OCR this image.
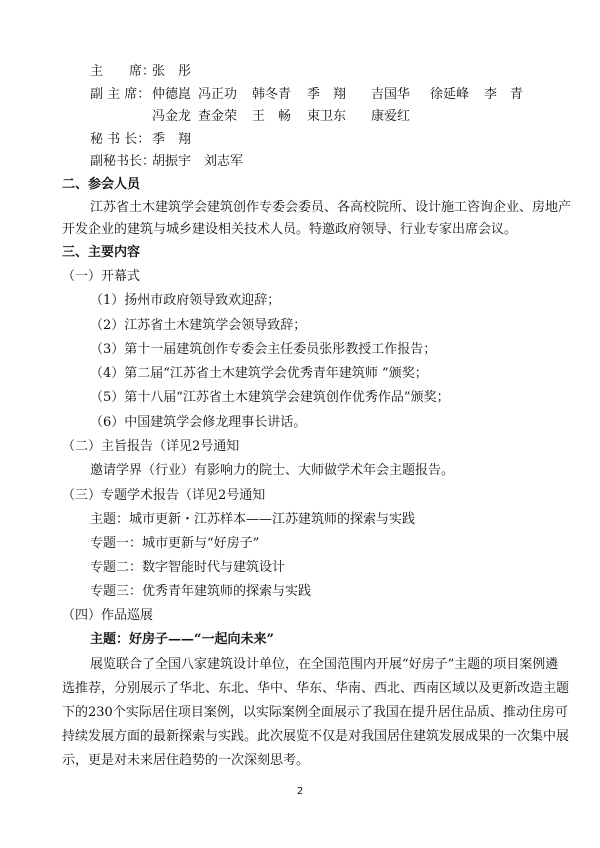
主　　席：
张　彤
副 主 席： 仲德崑 冯正功 韩冬青 季　翔 吉国华 徐延峰 李　青
冯金龙 查金荣 王　畅 束卫东 康爱红
秘 书 长： 季　翔
副秘书长：
胡振宇 刘志军
二、参会人员
江苏省土木建筑学会建筑创作专委会委员、各高校院所、设计施工咨询企业、房地产
开发企业的建筑与城乡建设相关技术人员。特邀政府领导、行业专家出席会议。
三、主要内容
（一）开幕式
（1）扬州市政府领导致欢迎辞；
（2）江苏省土木建筑学会领导致辞；
（3）第十一届建筑创作专委会主任委员张彤教授工作报告；
（4）第二届“江苏省土木建筑学会优秀青年建筑师 ”颁奖；
（5）第十八届“江苏省土木建筑学会建筑创作优秀作品”颁奖；
（6）中国建筑学会修龙理事长讲话。
（二）主旨报告（详见2号通知
邀请学界（行业）有影响力的院士、大师做学术年会主题报告。
（三）专题学术报告（详见2号通知
主题：城市更新・江苏样本——江苏建筑师的探索与实践
专题一：城市更新与“好房子”
专题二：数字智能时代与建筑设计
专题三：优秀青年建筑师的探索与实践
（四）作品巡展
主题：好房子——“一起向未来”
展览联合了全国八家建筑设计单位，在全国范围内开展“好房子”主题的项目案例遴
选推荐，分别展示了华北、东北、华中、华东、华南、西北、西南区域以及更新改造主题
下的230个实际居住项目案例，以实际案例全面展示了我国在提升居住品质、推动住房可
持续发展方面的最新探索与实践。此次展览不仅是对我国居住建筑发展成果的一次集中展
示，更是对未来居住趋势的一次深刻思考。
2
